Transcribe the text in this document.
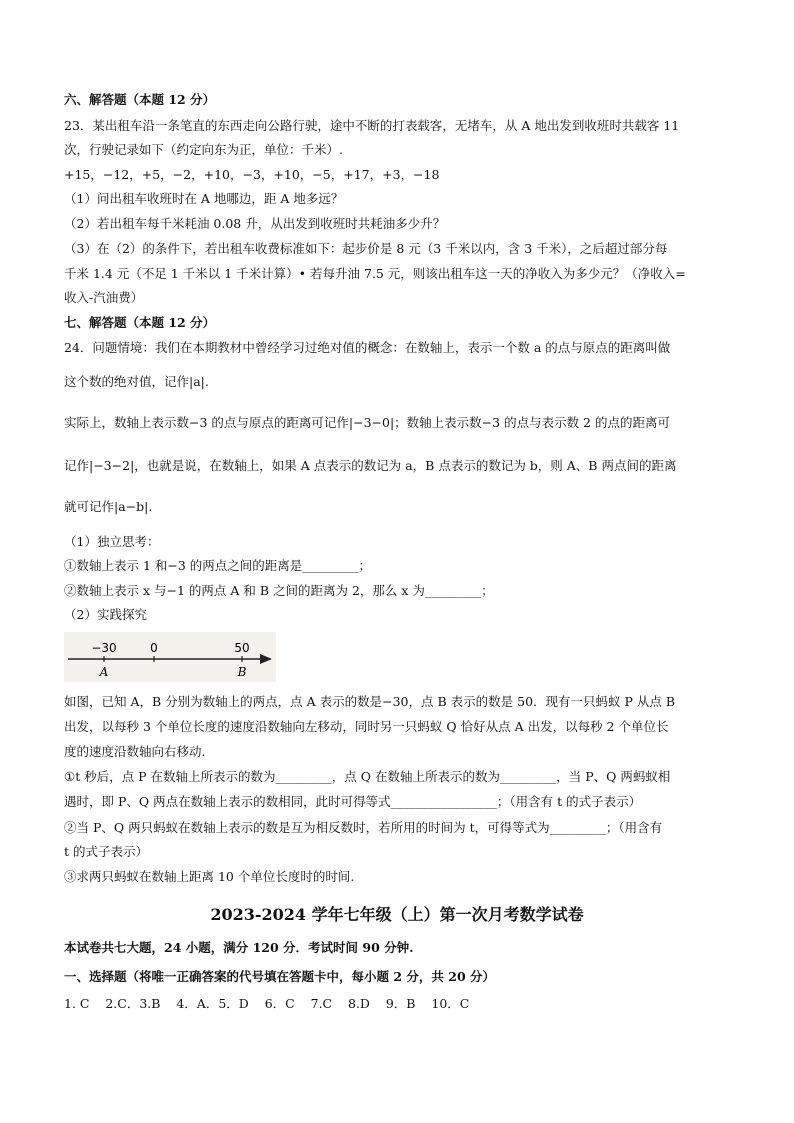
六、解答题（本题 12 分）
23．某出租车沿一条笔直的东西走向公路行驶，途中不断的打表载客，无堵车，从 A 地出发到收班时共载客 11
次，行驶记录如下（约定向东为正，单位：千米）.
+15，−12，+5，−2，+10，−3，+10，−5，+17，+3，−18
（1）问出租车收班时在 A 地哪边，距 A 地多远？
（2）若出租车每千米耗油 0.08 升，从出发到收班时共耗油多少升？
（3）在（2）的条件下，若出租车收费标准如下：起步价是 8 元（3 千米以内，含 3 千米），之后超过部分每
千米 1.4 元（不足 1 千米以 1 千米计算）• 若每升油 7.5 元，则该出租车这一天的净收入为多少元？（净收入=
收入-汽油费）
七、解答题（本题 12 分）
24．问题情境：我们在本期教材中曾经学习过绝对值的概念：在数轴上，表示一个数 a 的点与原点的距离叫做
这个数的绝对值，记作|a|.
实际上，数轴上表示数−3 的点与原点的距离可记作|−3−0|；数轴上表示数−3 的点与表示数 2 的点的距离可
记作|−3−2|，也就是说，在数轴上，如果 A 点表示的数记为 a，B 点表示的数记为 b，则 A、B 两点间的距离
就可记作|a−b|.
（1）独立思考：
①数轴上表示 1 和−3 的两点之间的距离是_________；
②数轴上表示 x 与−1 的两点 A 和 B 之间的距离为 2，那么 x 为_________；
（2）实践探究
−30	0	50
A	B
如图，已知 A，B 分别为数轴上的两点，点 A 表示的数是−30，点 B 表示的数是 50．现有一只蚂蚁 P 从点 B
出发，以每秒 3 个单位长度的速度沿数轴向左移动，同时另一只蚂蚁 Q 恰好从点 A 出发，以每秒 2 个单位长
度的速度沿数轴向右移动.
①t 秒后，点 P 在数轴上所表示的数为_________，点 Q 在数轴上所表示的数为_________，当 P、Q 两蚂蚁相
遇时，即 P、Q 两点在数轴上表示的数相同，此时可得等式_________________；（用含有 t 的式子表示）
②当 P、Q 两只蚂蚁在数轴上表示的数是互为相反数时，若所用的时间为 t，可得等式为_________；（用含有
t 的式子表示）
③求两只蚂蚁在数轴上距离 10 个单位长度时的时间.
2023-2024 学年七年级（上）第一次月考数学试卷
本试卷共七大题，24 小题，满分 120 分．考试时间 90 分钟.
一、选择题（将唯一正确答案的代号填在答题卡中，每小题 2 分，共 20 分）
1. C    2.C．3.B    4．A．5．D    6．C    7.C    8.D    9．B    10．C
